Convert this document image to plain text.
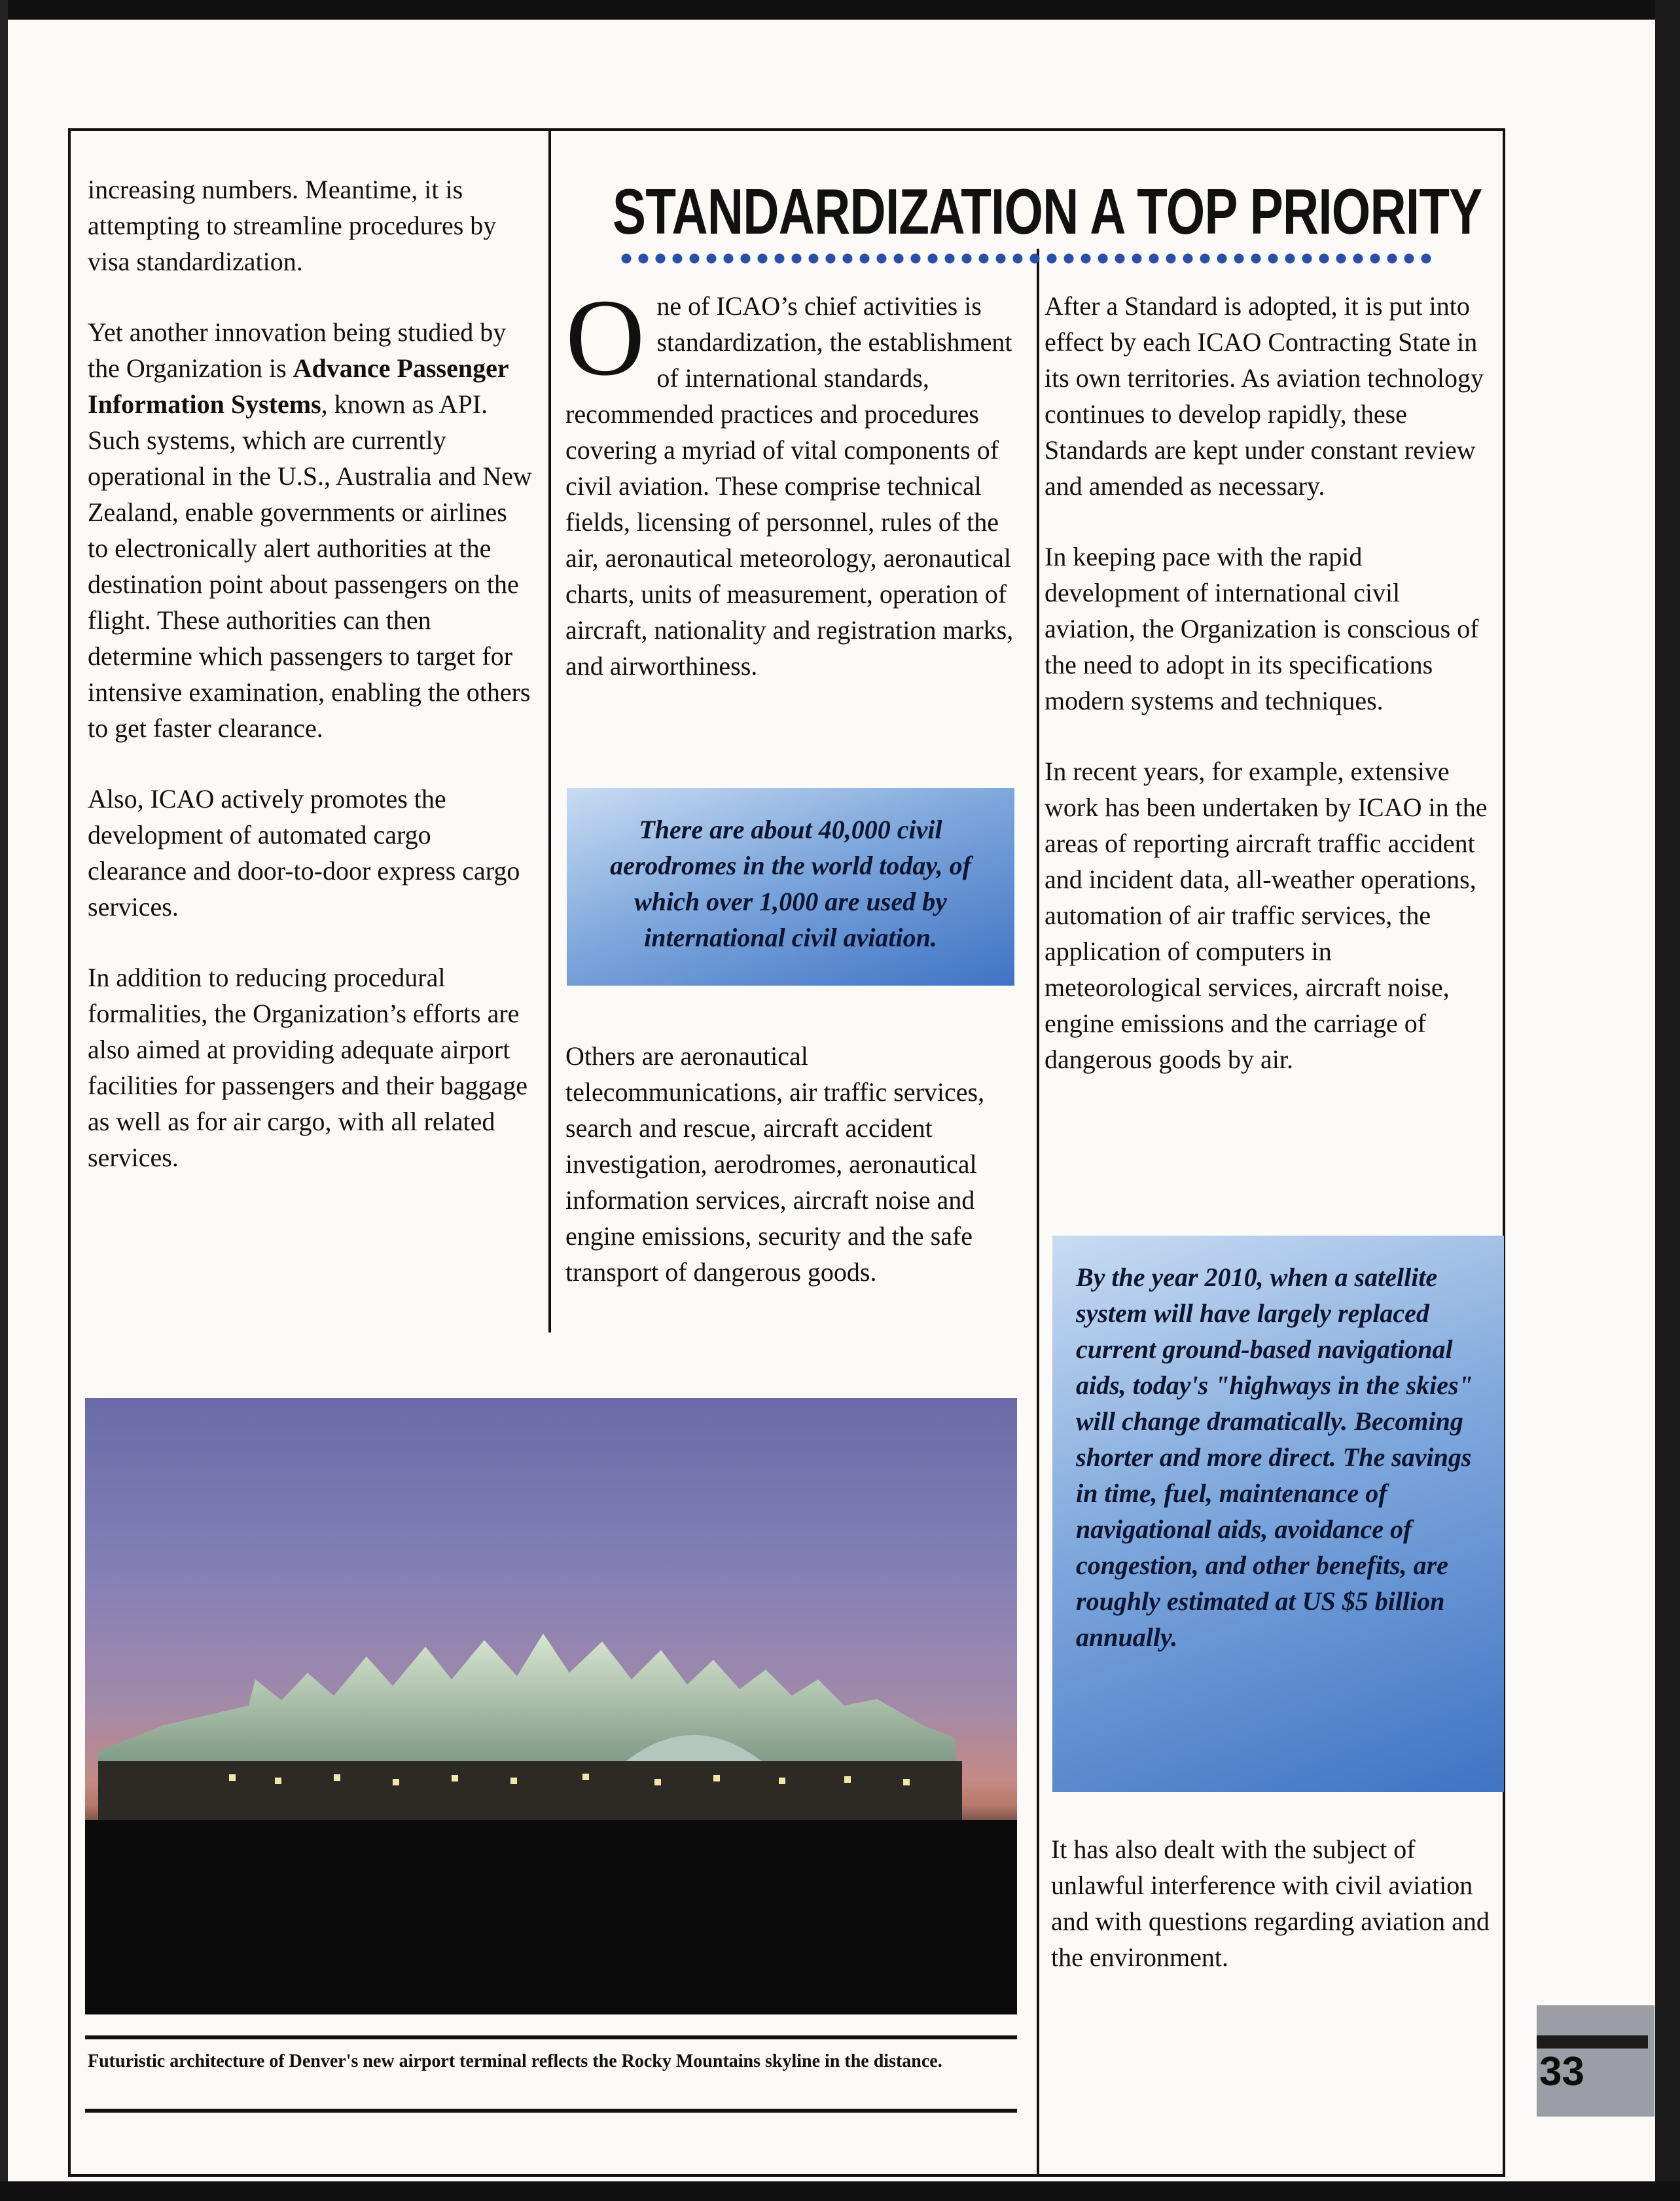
increasing numbers. Meantime, it is attempting to streamline procedures by visa standardization.

Yet another innovation being studied by the Organization is Advance Passenger Information Systems, known as API. Such systems, which are currently operational in the U.S., Australia and New Zealand, enable governments or airlines to electronically alert authorities at the destination point about passengers on the flight. These authorities can then determine which passengers to target for intensive examination, enabling the others to get faster clearance.

Also, ICAO actively promotes the development of automated cargo clearance and door-to-door express cargo services.

In addition to reducing procedural formalities, the Organization’s efforts are also aimed at providing adequate airport facilities for passengers and their baggage as well as for air cargo, with all related services.

STANDARDIZATION A TOP PRIORITY

One of ICAO’s chief activities is standardization, the establishment of international standards, recommended practices and procedures covering a myriad of vital components of civil aviation. These comprise technical fields, licensing of personnel, rules of the air, aeronautical meteorology, aeronautical charts, units of measurement, operation of aircraft, nationality and registration marks, and airworthiness.

There are about 40,000 civil aerodromes in the world today, of which over 1,000 are used by international civil aviation.

Others are aeronautical telecommunications, air traffic services, search and rescue, aircraft accident investigation, aerodromes, aeronautical information services, aircraft noise and engine emissions, security and the safe transport of dangerous goods.

After a Standard is adopted, it is put into effect by each ICAO Contracting State in its own territories. As aviation technology continues to develop rapidly, these Standards are kept under constant review and amended as necessary.

In keeping pace with the rapid development of international civil aviation, the Organization is conscious of the need to adopt in its specifications modern systems and techniques.

In recent years, for example, extensive work has been undertaken by ICAO in the areas of reporting aircraft traffic accident and incident data, all-weather operations, automation of air traffic services, the application of computers in meteorological services, aircraft noise, engine emissions and the carriage of dangerous goods by air.

By the year 2010, when a satellite system will have largely replaced current ground-based navigational aids, today's "highways in the skies" will change dramatically. Becoming shorter and more direct. The savings in time, fuel, maintenance of navigational aids, avoidance of congestion, and other benefits, are roughly estimated at US $5 billion annually.

It has also dealt with the subject of unlawful interference with civil aviation and with questions regarding aviation and the environment.

Futuristic architecture of Denver's new airport terminal reflects the Rocky Mountains skyline in the distance.	33
